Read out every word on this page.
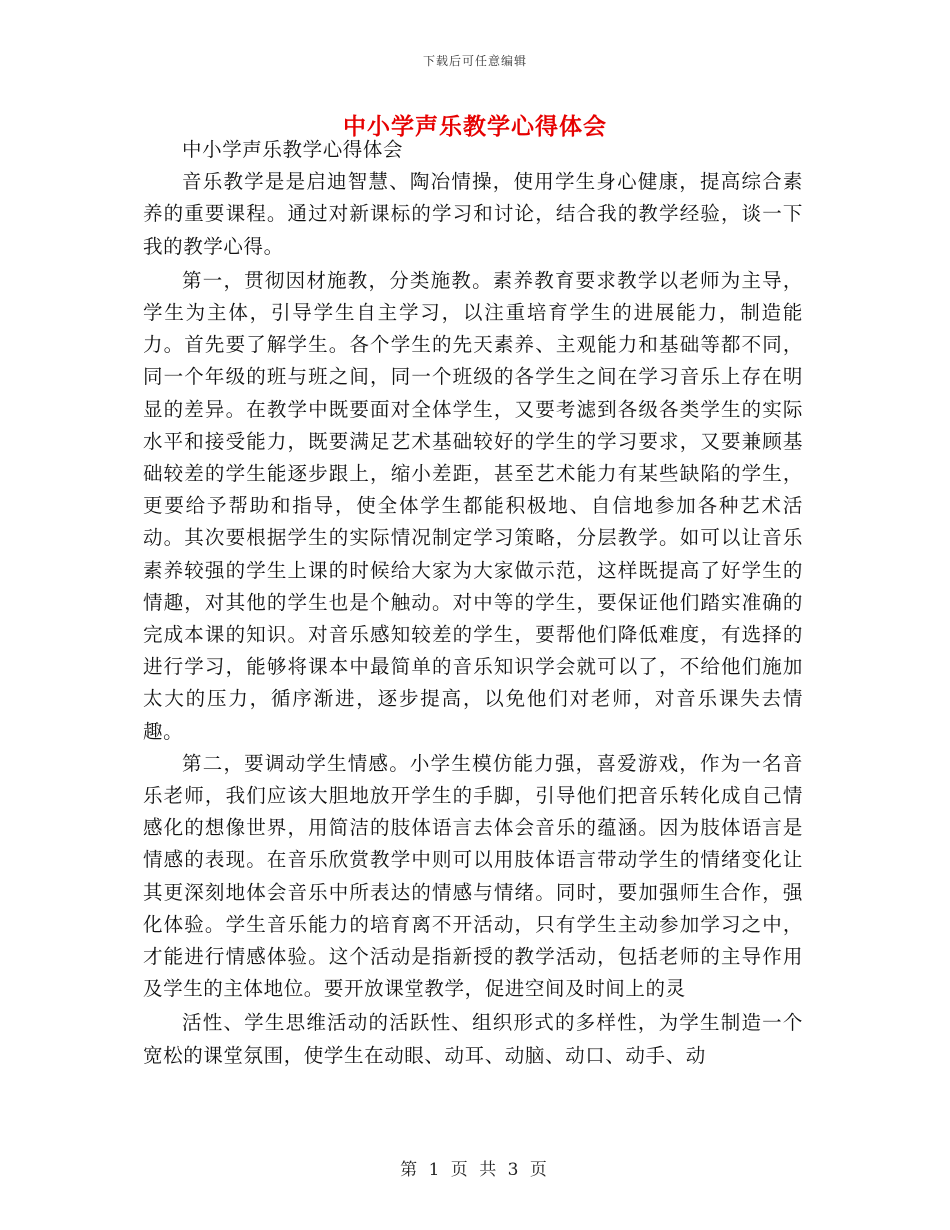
下载后可任意编辑
中小学声乐教学心得体会

中小学声乐教学心得体会

音乐教学是是启迪智慧、陶冶情操，使用学生身心健康，提高综合素养的重要课程。通过对新课标的学习和讨论，结合我的教学经验，谈一下我的教学心得。

第一，贯彻因材施教，分类施教。素养教育要求教学以老师为主导，学生为主体，引导学生自主学习，以注重培育学生的进展能力，制造能力。首先要了解学生。各个学生的先天素养、主观能力和基础等都不同，同一个年级的班与班之间，同一个班级的各学生之间在学习音乐上存在明显的差异。在教学中既要面对全体学生，又要考滤到各级各类学生的实际水平和接受能力，既要满足艺术基础较好的学生的学习要求，又要兼顾基础较差的学生能逐步跟上，缩小差距，甚至艺术能力有某些缺陷的学生，更要给予帮助和指导，使全体学生都能积极地、自信地参加各种艺术活动。其次要根据学生的实际情况制定学习策略，分层教学。如可以让音乐素养较强的学生上课的时候给大家为大家做示范，这样既提高了好学生的情趣，对其他的学生也是个触动。对中等的学生，要保证他们踏实准确的完成本课的知识。对音乐感知较差的学生，要帮他们降低难度，有选择的进行学习，能够将课本中最简单的音乐知识学会就可以了，不给他们施加太大的压力，循序渐进，逐步提高，以免他们对老师，对音乐课失去情趣。

第二，要调动学生情感。小学生模仿能力强，喜爱游戏，作为一名音乐老师，我们应该大胆地放开学生的手脚，引导他们把音乐转化成自己情感化的想像世界，用简洁的肢体语言去体会音乐的蕴涵。因为肢体语言是情感的表现。在音乐欣赏教学中则可以用肢体语言带动学生的情绪变化让其更深刻地体会音乐中所表达的情感与情绪。同时，要加强师生合作，强化体验。学生音乐能力的培育离不开活动，只有学生主动参加学习之中，才能进行情感体验。这个活动是指新授的教学活动，包括老师的主导作用及学生的主体地位。要开放课堂教学，促进空间及时间上的灵

活性、学生思维活动的活跃性、组织形式的多样性，为学生制造一个宽松的课堂氛围，使学生在动眼、动耳、动脑、动口、动手、动

第 1 页 共 3 页
